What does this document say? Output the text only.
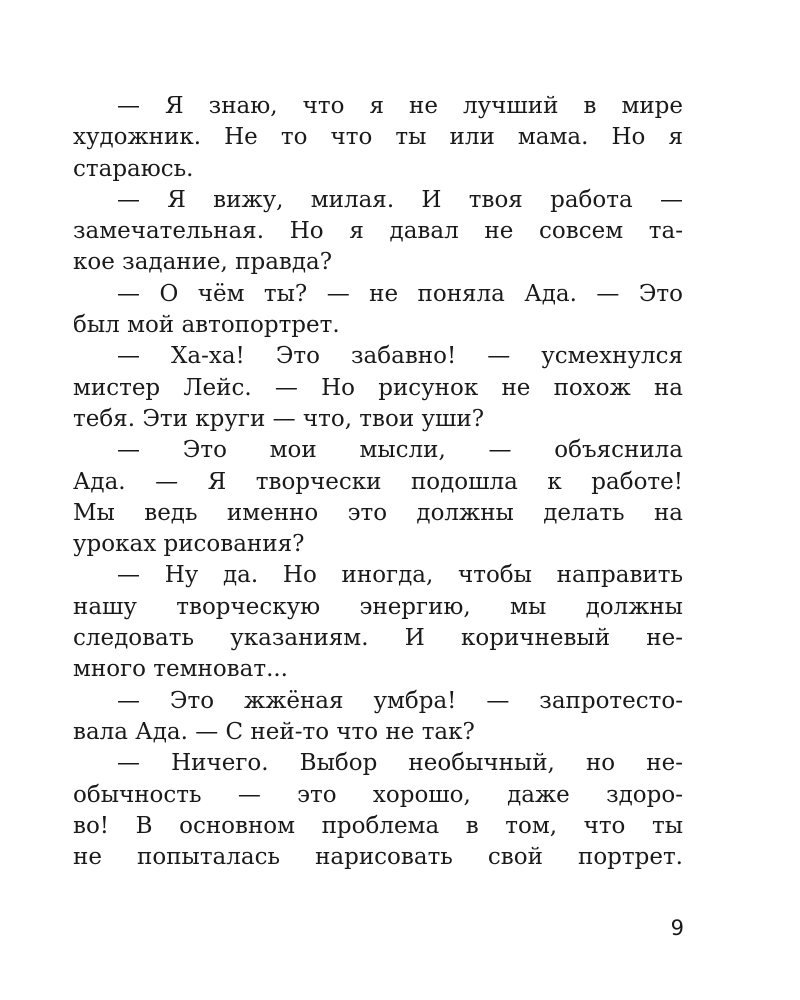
— Я знаю, что я не лучший в мире
художник. Не то что ты или мама. Но я
стараюсь.
— Я вижу, милая. И твоя работа —
замечательная. Но я давал не совсем та-
кое задание, правда?
— О чём ты? — не поняла Ада. — Это
был мой автопортрет.
— Ха-ха! Это забавно! — усмехнулся
мистер Лейс. — Но рисунок не похож на
тебя. Эти круги — что, твои уши?
— Это мои мысли, — объяснила
Ада. — Я творчески подошла к работе!
Мы ведь именно это должны делать на
уроках рисования?
— Ну да. Но иногда, чтобы направить
нашу творческую энергию, мы должны
следовать указаниям. И коричневый не-
много темноват...
— Это жжёная умбра! — запротесто-
вала Ада. — С ней-то что не так?
— Ничего. Выбор необычный, но не-
обычность — это хорошо, даже здоро-
во! В основном проблема в том, что ты
не попыталась нарисовать свой портрет.
9
